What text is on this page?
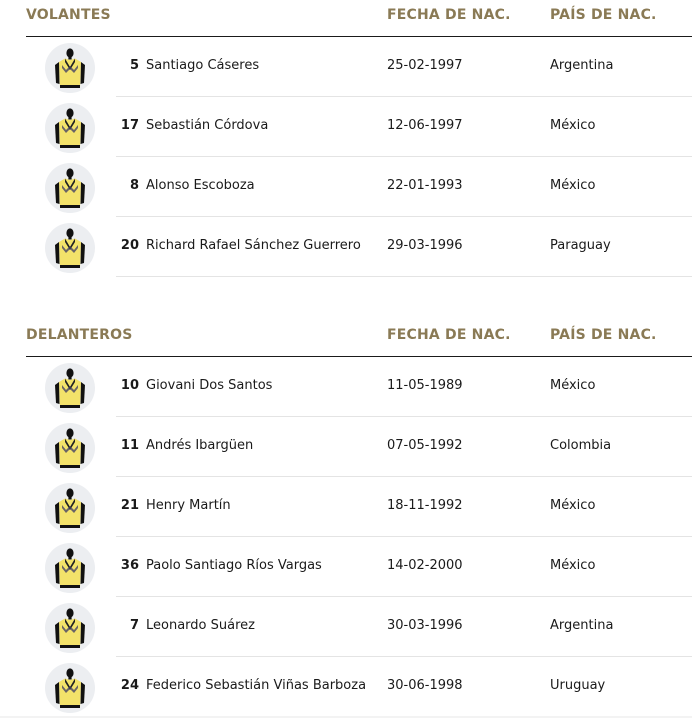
VOLANTES	FECHA DE NAC.	PAÍS DE NAC.
5 Santiago Cáseres	25-02-1997	Argentina
17 Sebastián Córdova	12-06-1997	México
8 Alonso Escoboza	22-01-1993	México
20 Richard Rafael Sánchez Guerrero 29-03-1996	Paraguay
DELANTEROS	FECHA DE NAC.	PAÍS DE NAC.
10 Giovani Dos Santos	11-05-1989	México
11 Andrés Ibargüen	07-05-1992	Colombia
21 Henry Martín	18-11-1992	México
36 Paolo Santiago Ríos Vargas	14-02-2000	México
7 Leonardo Suárez	30-03-1996	Argentina
24 Federico Sebastián Viñas Barboza 30-06-1998	Uruguay
